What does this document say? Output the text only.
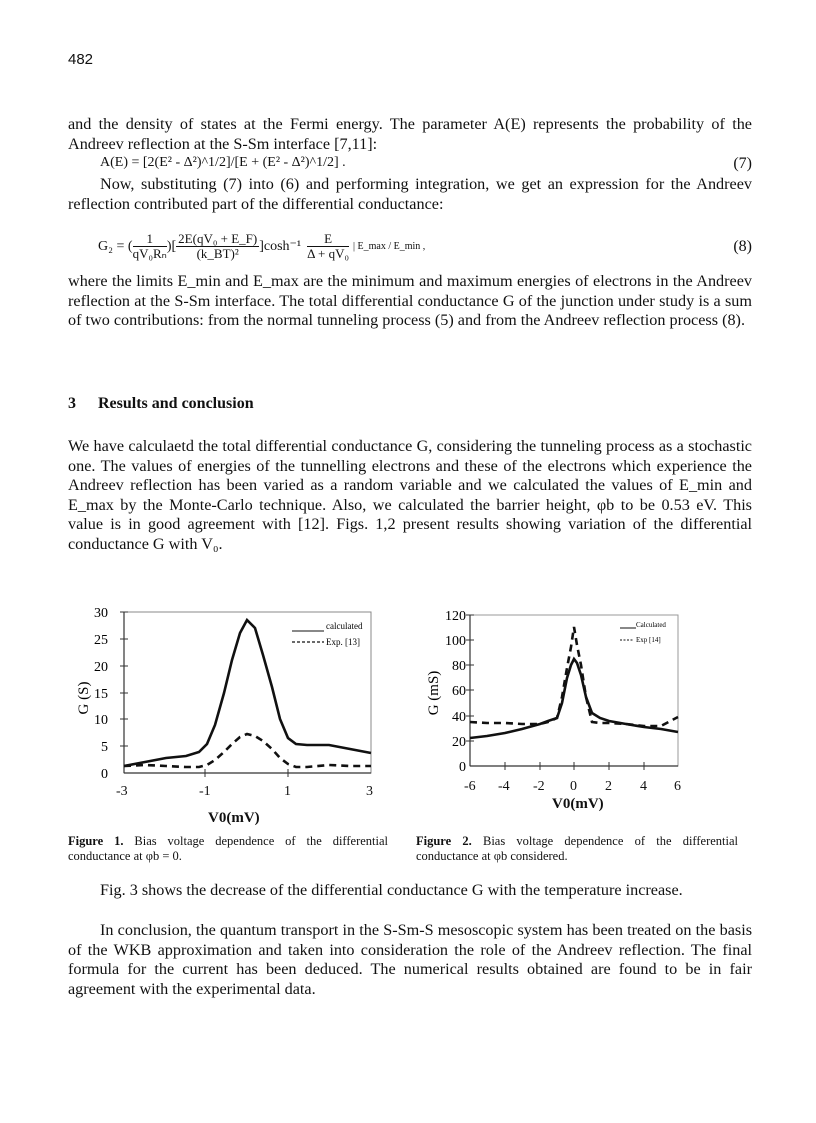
482
and the density of states at the Fermi energy. The parameter A(E) represents the probability of the Andreev reflection at the S-Sm interface [7,11]:
A(E) = [2(E² - Δ²)^1/2]/[E + (E² - Δ²)^1/2] .	(7)
Now, substituting (7) into (6) and performing integration, we get an expression for the Andreev reflection contributed part of the differential conductance:
G₂ = ( $\frac{1}{\text{qV₀Rₙ}}$ )[ $\frac{\text{2E(qV₀ + E\_F)}}{\text{(k\_BT)²}} ]\cosh^{-1} \frac{E}{\text{Δ + qV₀}}$ | E_max / E_min ,	(8)
where the limits E_min and E_max are the minimum and maximum energies of electrons in the Andreev reflection at the S-Sm interface. The total differential conductance G of the junction under study is a sum of two contributions: from the normal tunneling process (5) and from the Andreev reflection process (8).
3 Results and conclusion
We have calculaetd the total differential conductance G, considering the tunneling process as a stochastic one. The values of energies of the tunnelling electrons and these of the electrons which experience the Andreev reflection has been varied as a random variable and we calculated the values of E_min and E_max by the Monte-Carlo technique. Also, we calculated the barrier height, φb to be 0.53 eV. This value is in good agreement with [12]. Figs. 1,2 present results showing variation of the differential conductance G with V₀.
30
25
20
15
10
5
0
G (S)
calculated
Exp. [13]
-3	-1	1	3
V0(mV)
120
100
80
60
40
20
0
G (mS)
Calculated
Exp [14]
-6 -4 -2 0 2 4 6
V0(mV)
Figure 1. Bias voltage dependence of the differential conductance at φb = 0.
Figure 2. Bias voltage dependence of the differential conductance at φb considered.
Fig. 3 shows the decrease of the differential conductance G with the temperature increase.
In conclusion, the quantum transport in the S-Sm-S mesoscopic system has been treated on the basis of the WKB approximation and taken into consideration the role of the Andreev reflection. The final formula for the current has been deduced. The numerical results obtained are found to be in fair agreement with the experimental data.
